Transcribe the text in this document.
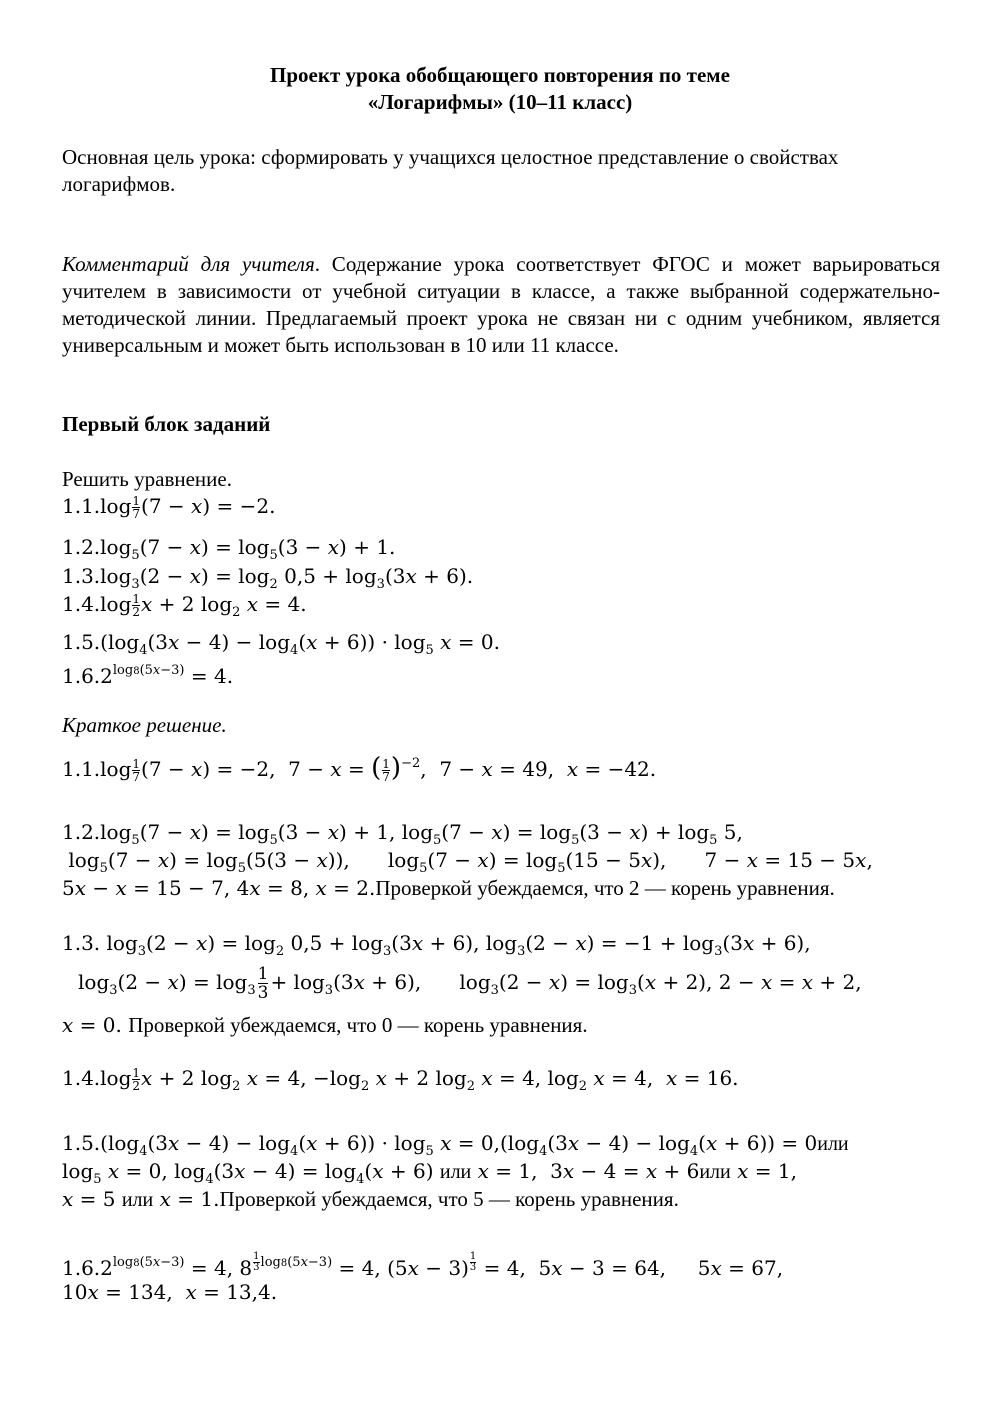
Проект урока обобщающего повторения по теме
«Логарифмы» (10–11 класс)
Основная цель урока: сформировать у учащихся целостное представление о свойствах логарифмов.
Комментарий для учителя. Содержание урока соответствует ФГОС и может варьироваться учителем в зависимости от учебной ситуации в классе, а также выбранной содержательно-методической линии. Предлагаемый проект урока не связан ни с одним учебником, является универсальным и может быть использован в 10 или 11 классе.
Первый блок заданий
Решить уравнение.
$1.1.\log \frac{1}{7} (7 - x) = -2$.
$1.2.\log_5(7 - x) = \log_5(3 - x) + 1$.
$1.3.\log_3(2 - x) = \log_2 0,5 + \log_3(3x + 6)$.
$1.4.\log \frac{1}{2}$ x + 2 $\log_2 x = 4$.
$1.5.(\log_4(3x - 4) - \log_4(x + 6)) \cdot \log_5 x = 0$.
$1.6.2^{log8(5x-3)} = 4$.
Краткое решение.
$1.1.\log \frac{1}{7} (7 - x) = -2$,  7 − x = ( $\frac{1}{7} )^{-2}$,  7 − x = 49,  x = −42.
$1.2.\log_5(7 - x) = \log_5(3 - x) + 1$, $\log_5(7 - x) = \log_5(3 - x) + \log_5 5$,
$\log_5(7 - x) = \log_5(5(3 - x))$,      $\log_5(7 - x) = \log_5(15 - 5x)$,      7 − x = 15 − 5x,
5x − x = 15 − 7, 4x = 8, x = 2.Проверкой убеждаемся, что 2 — корень уравнения.
1.3. $\log_3(2 - x) = \log_2 0,5 + \log_3(3x + 6)$, $\log_3(2 - x) = -1 + \log_3(3x + 6)$,
$\log_3(2 - x) = \log_3 \frac{1}{3} + \log_3(3x + 6)$,      $\log_3(2 - x) = \log_3(x + 2)$, 2 − x = x + 2,
x = 0. Проверкой убеждаемся, что 0 — корень уравнения.
$1.4.\log \frac{1}{2}$ x + 2 $\log_2 x = 4$, $-\log_2$ x + 2 $\log_2 x = 4$, $\log_2 x = 4$,  x = 16.
$1.5.(\log_4(3x - 4) - \log_4(x + 6)) \cdot \log_5 x = 0,(\log_4(3x - 4) - \log_4(x + 6)) = 0или$
$\log_5 x = 0$, $\log_4(3x - 4) = \log_4(x + 6)$ или x = 1,  3x − 4 = x + 6или x = 1,
x = 5 или x = 1.Проверкой убеждаемся, что 5 — корень уравнения.
$1.6.2^{log8(5x-3)} = 4$, 8 $^{\frac{1}{3} log8(5x-3)}$ = 4, (5x − 3) $^{\frac{1}{3}}$ = 4,  5x − 3 = 64,     5x = 67,
10x = 134,  x = 13,4.
